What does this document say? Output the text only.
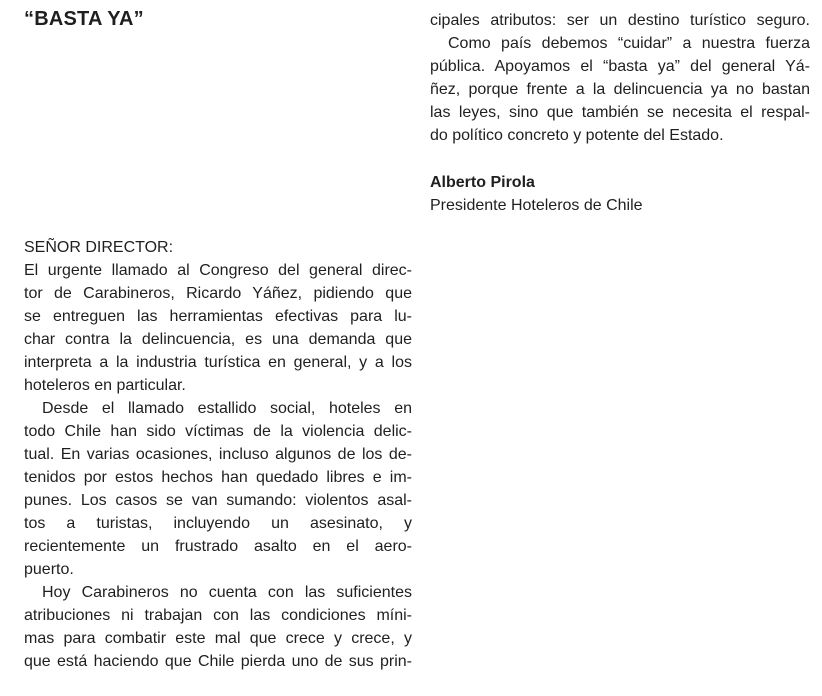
“BASTA YA”
SEÑOR DIRECTOR:
El urgente llamado al Congreso del general direc-
tor de Carabineros, Ricardo Yáñez, pidiendo que
se entreguen las herramientas efectivas para lu-
char contra la delincuencia, es una demanda que
interpreta a la industria turística en general, y a los
hoteleros en particular.
Desde el llamado estallido social, hoteles en
todo Chile han sido víctimas de la violencia delic-
tual. En varias ocasiones, incluso algunos de los de-
tenidos por estos hechos han quedado libres e im-
punes. Los casos se van sumando: violentos asal-
tos a turistas, incluyendo un asesinato, y
recientemente un frustrado asalto en el aero-
puerto.
Hoy Carabineros no cuenta con las suficientes
atribuciones ni trabajan con las condiciones míni-
mas para combatir este mal que crece y crece, y
que está haciendo que Chile pierda uno de sus prin-
cipales atributos: ser un destino turístico seguro.
Como país debemos “cuidar” a nuestra fuerza
pública. Apoyamos el “basta ya” del general Yá-
ñez, porque frente a la delincuencia ya no bastan
las leyes, sino que también se necesita el respal-
do político concreto y potente del Estado.
Alberto Pirola
Presidente Hoteleros de Chile
